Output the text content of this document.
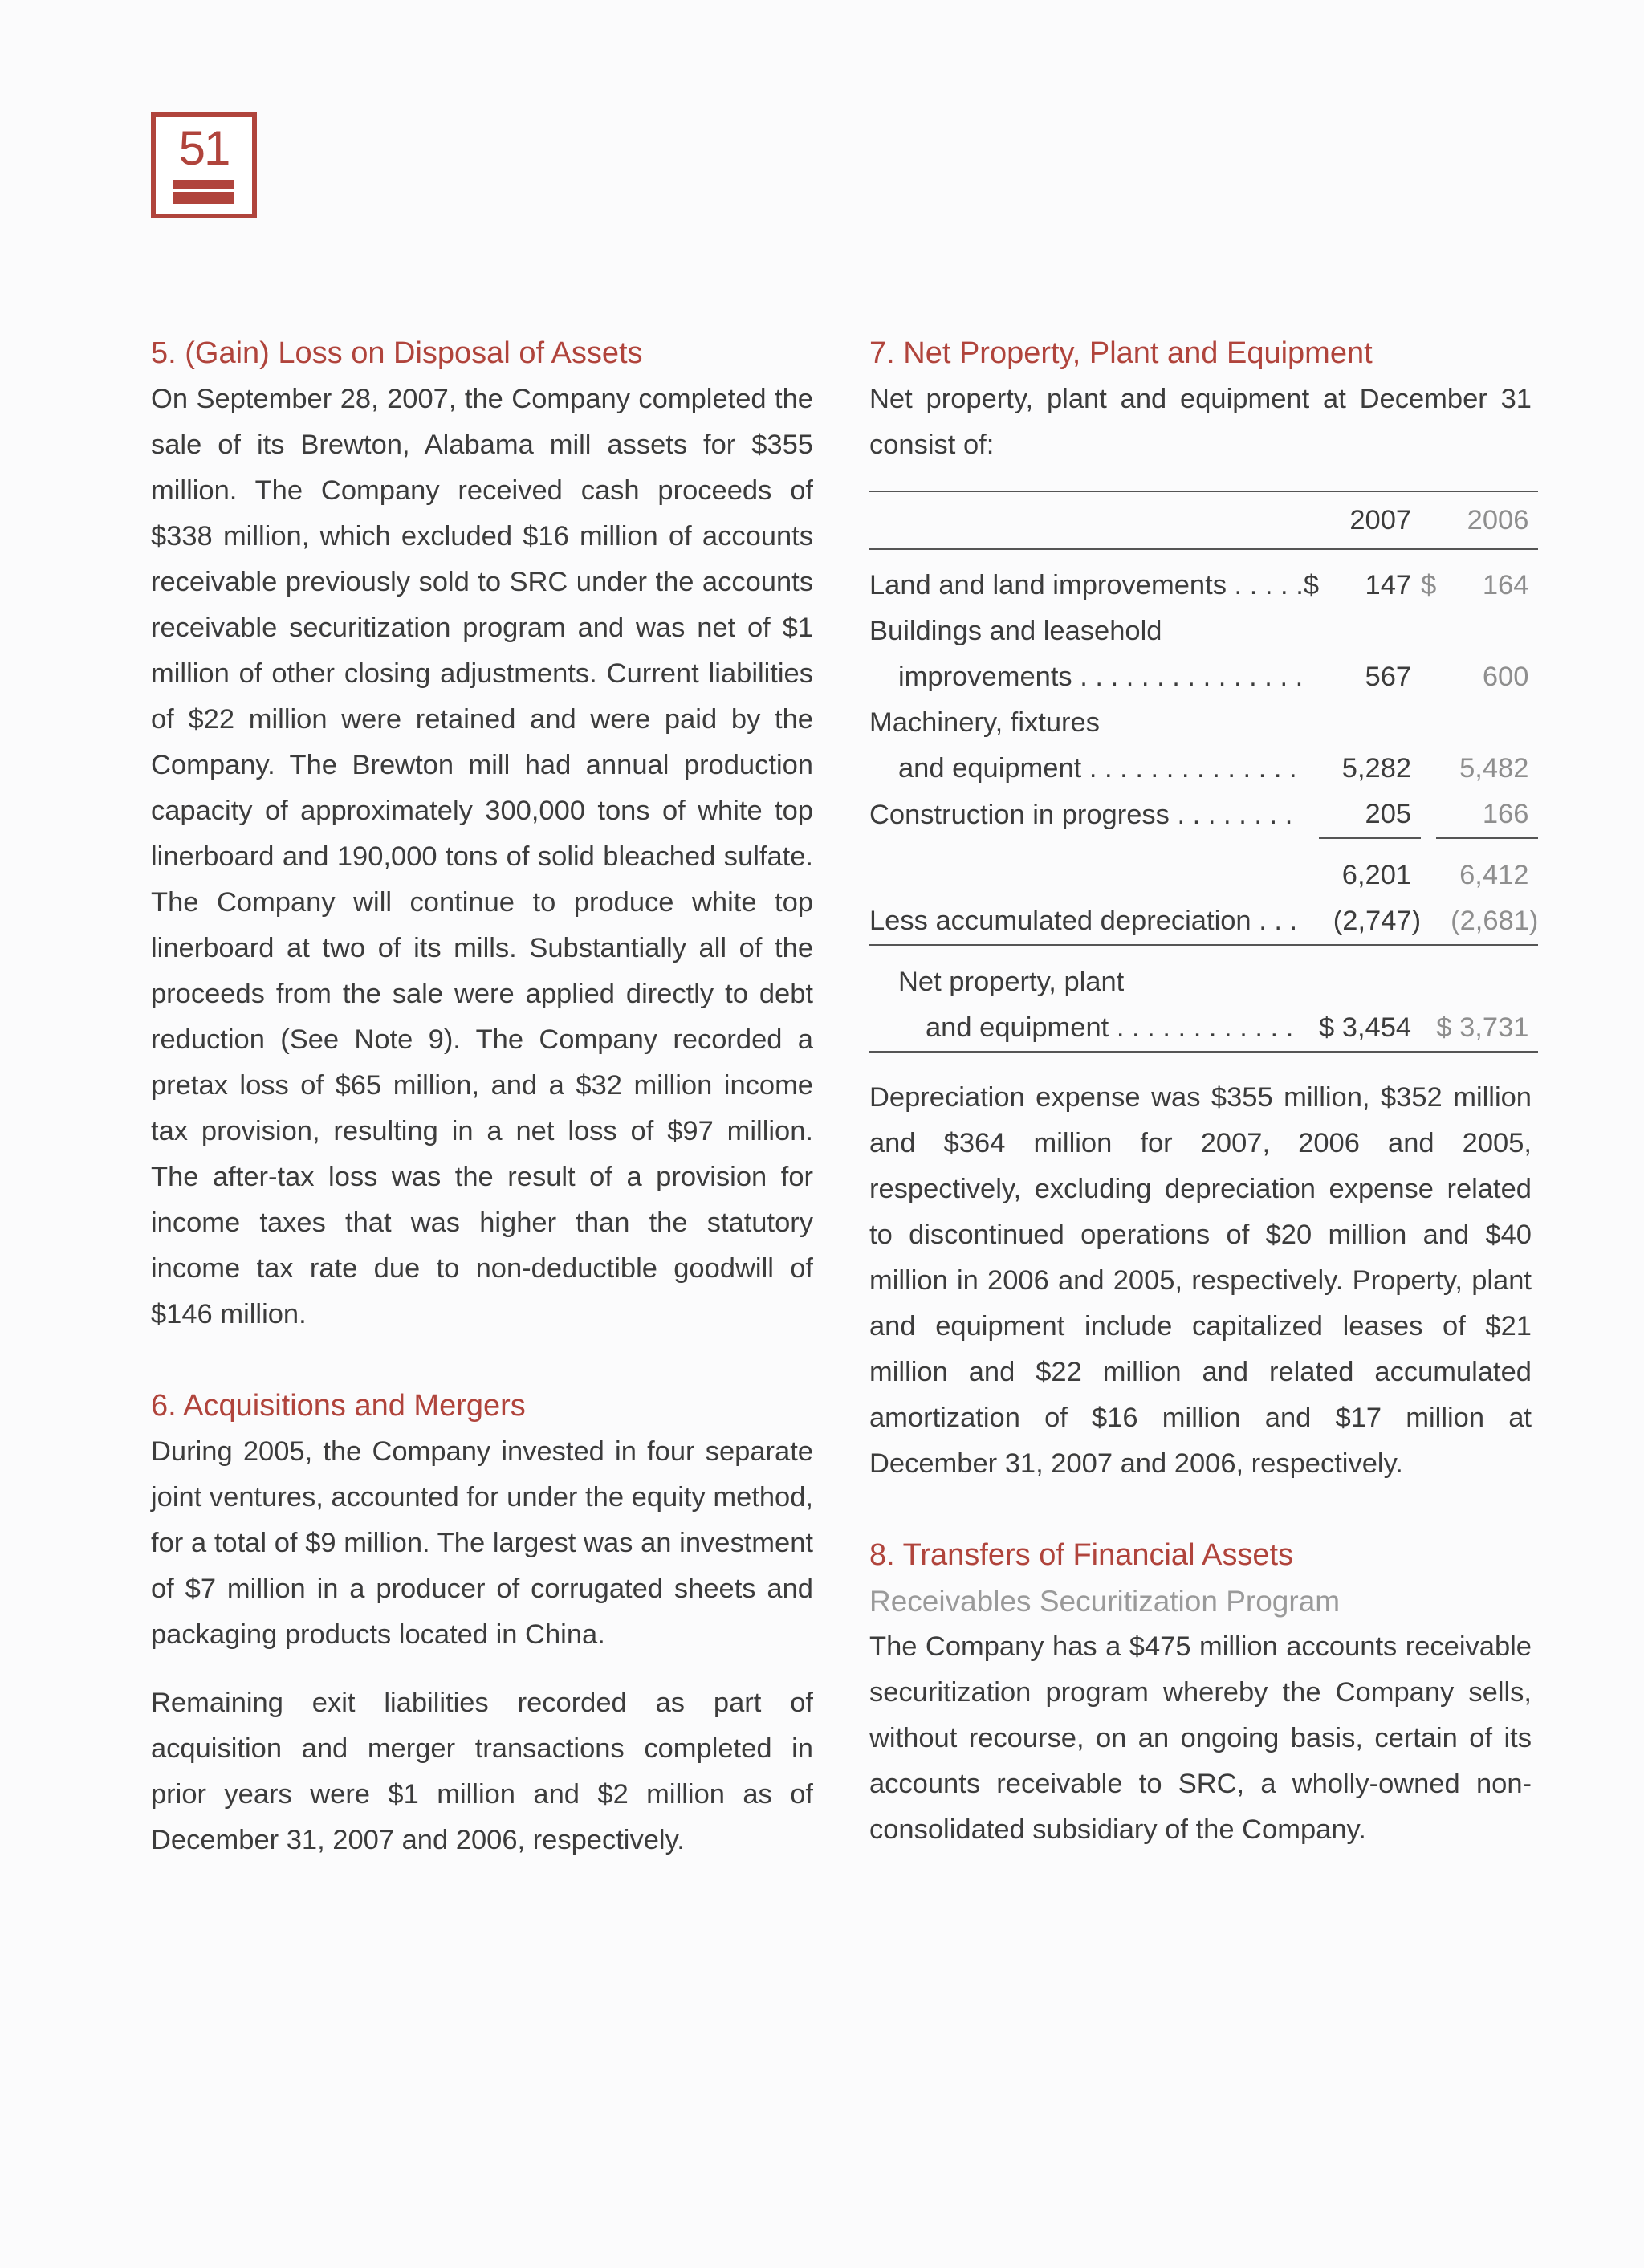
51
5. (Gain) Loss on Disposal of Assets

On September 28, 2007, the Company completed the sale of its Brewton, Alabama mill assets for $355 million. The Company received cash proceeds of $338 million, which excluded $16 million of accounts receivable previously sold to SRC under the accounts receivable securitization program and was net of $1 million of other closing adjustments. Current liabilities of $22 million were retained and were paid by the Company. The Brewton mill had annual production capacity of approximately 300,000 tons of white top linerboard and 190,000 tons of solid bleached sulfate. The Company will continue to produce white top linerboard at two of its mills. Substantially all of the proceeds from the sale were applied directly to debt reduction (See Note 9). The Company recorded a pretax loss of $65 million, and a $32 million income tax provision, resulting in a net loss of $97 million. The after-tax loss was the result of a provision for income taxes that was higher than the statutory income tax rate due to non-deductible goodwill of $146 million.

6. Acquisitions and Mergers

During 2005, the Company invested in four separate joint ventures, accounted for under the equity method, for a total of $9 million. The largest was an investment of $7 million in a producer of corrugated sheets and packaging products located in China.

Remaining exit liabilities recorded as part of acquisition and merger transactions completed in prior years were $1 million and $2 million as of December 31, 2007 and 2006, respectively.

7. Net Property, Plant and Equipment

Net property, plant and equipment at December 31 consist of:

		2007		2006

Land and land improvements . . . . .	$	147	$	164
Buildings and leasehold				
improvements . . . . . . . . . . . . . . .		567		600
Machinery, fixtures				
and equipment . . . . . . . . . . . . . .		5,282		5,482
Construction in progress . . . . . . . .		205		166
		6,201		6,412
Less accumulated depreciation . . .		(2,747)		(2,681)
Net property, plant				
and equipment . . . . . . . . . . . .		$ 3,454		$ 3,731

Depreciation expense was $355 million, $352 million and $364 million for 2007, 2006 and 2005, respectively, excluding depreciation expense related to discontinued operations of $20 million and $40 million in 2006 and 2005, respectively. Property, plant and equipment include capitalized leases of $21 million and $22 million and related accumulated amortization of $16 million and $17 million at December 31, 2007 and 2006, respectively.

8. Transfers of Financial Assets
Receivables Securitization Program

The Company has a $475 million accounts receivable securitization program whereby the Company sells, without recourse, on an ongoing basis, certain of its accounts receivable to SRC, a wholly-owned non-consolidated subsidiary of the Company.
